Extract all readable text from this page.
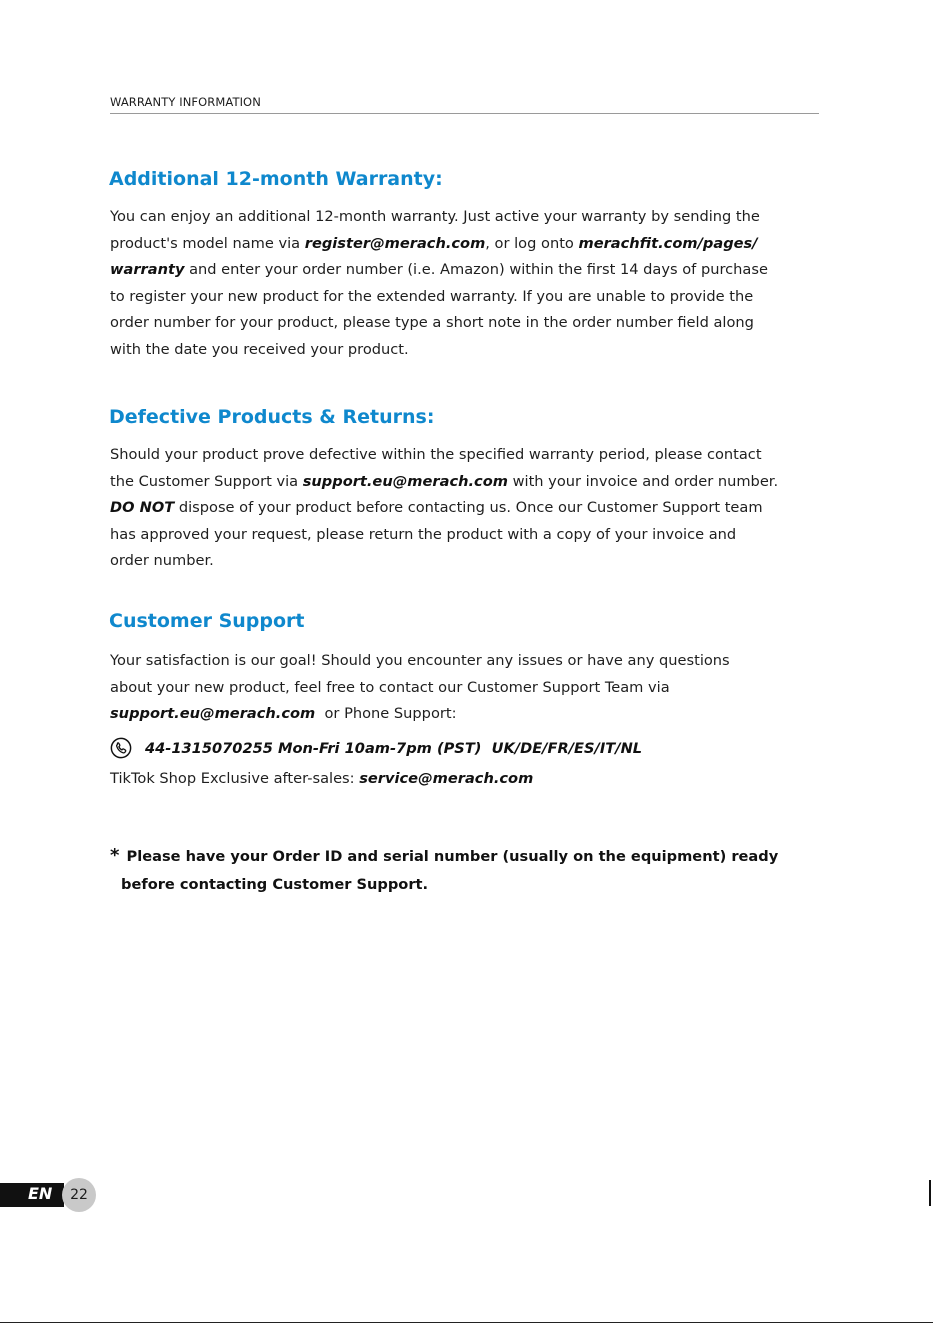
WARRANTY INFORMATION
Additional 12-month Warranty:
You can enjoy an additional 12-month warranty. Just active your warranty by sending the
product's model name via register@merach.com, or log onto merachfit.com/pages/
warranty and enter your order number (i.e. Amazon) within the first 14 days of purchase
to register your new product for the extended warranty. If you are unable to provide the
order number for your product, please type a short note in the order number field along
with the date you received your product.
Defective Products & Returns:
Should your product prove defective within the specified warranty period, please contact
the Customer Support via support.eu@merach.com with your invoice and order number.
DO NOT dispose of your product before contacting us. Once our Customer Support team
has approved your request, please return the product with a copy of your invoice and
order number.
Customer Support
Your satisfaction is our goal! Should you encounter any issues or have any questions
about your new product, feel free to contact our Customer Support Team via
support.eu@merach.com  or Phone Support:
44-1315070255 Mon-Fri 10am-7pm (PST)  UK/DE/FR/ES/IT/NL
TikTok Shop Exclusive after-sales: service@merach.com
* Please have your Order ID and serial number (usually on the equipment) ready
before contacting Customer Support.
EN	22
